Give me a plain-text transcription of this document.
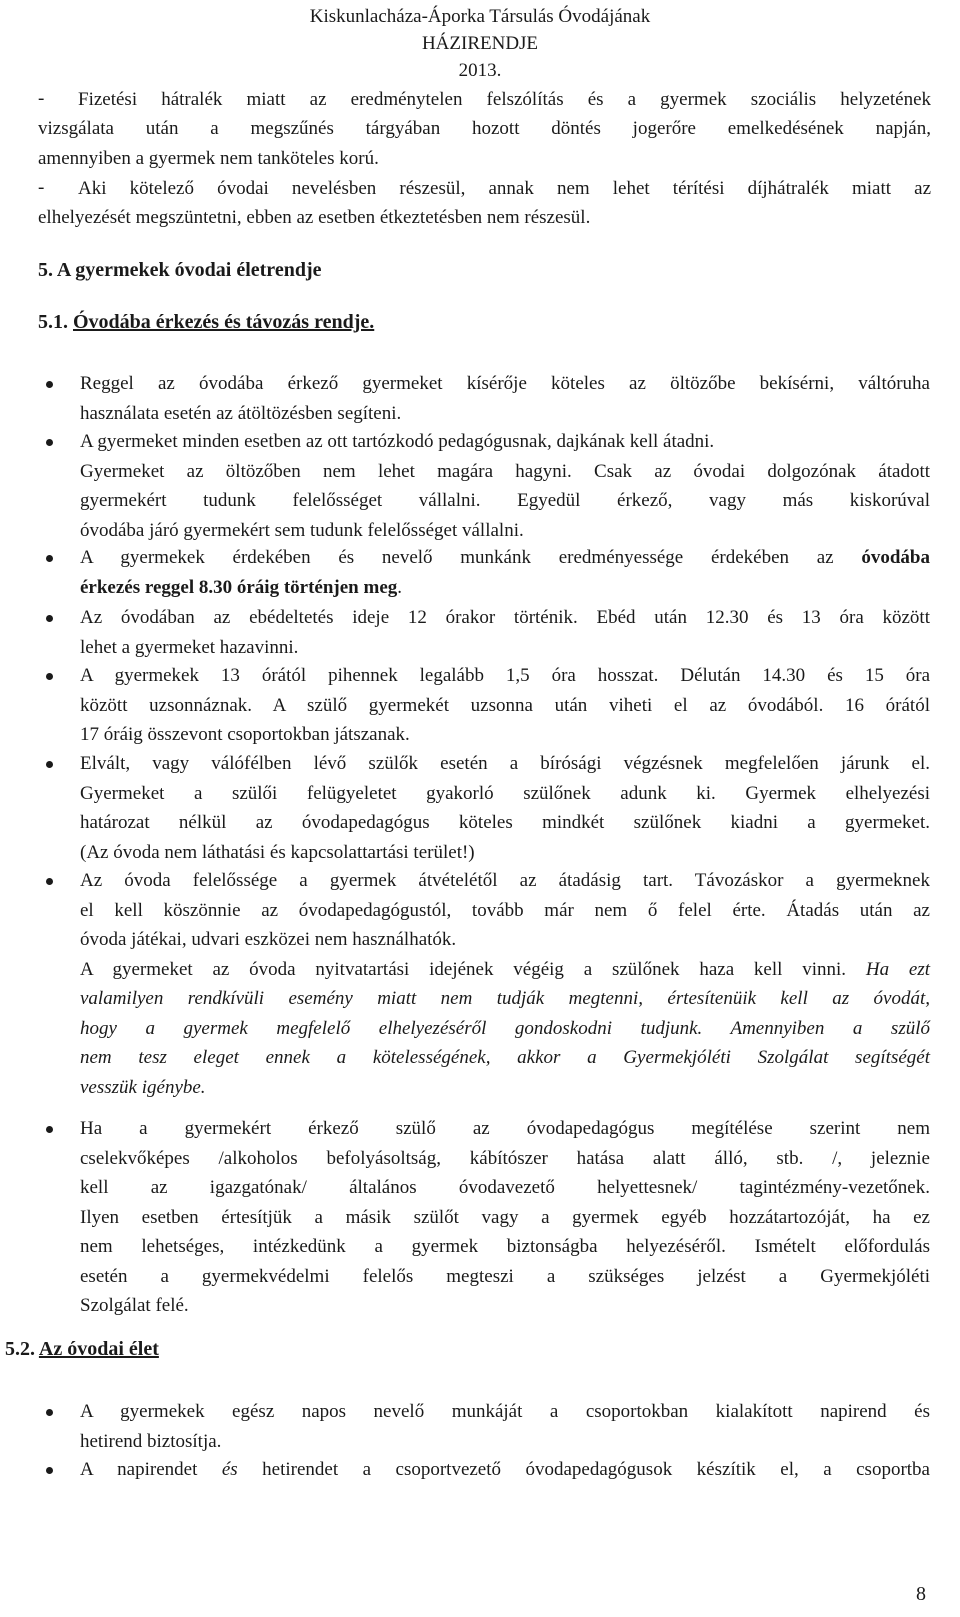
Kiskunlacháza-Áporka Társulás Óvodájának
HÁZIRENDJE
2013.
- Fizetési hátralék miatt az eredménytelen felszólítás és a gyermek szociális helyzetének
vizsgálata után a megszűnés tárgyában hozott döntés jogerőre emelkedésének napján,
amennyiben a gyermek nem tanköteles korú.
- Aki kötelező óvodai nevelésben részesül, annak nem lehet térítési díjhátralék miatt az
elhelyezését megszüntetni, ebben az esetben étkeztetésben nem részesül.
5. A gyermekek óvodai életrendje
5.1. Óvodába érkezés és távozás rendje.
Reggel az óvodába érkező gyermeket kísérője köteles az öltözőbe bekísérni, váltóruha
használata esetén az átöltözésben segíteni.
A gyermeket minden esetben az ott tartózkodó pedagógusnak, dajkának kell átadni.
Gyermeket az öltözőben nem lehet magára hagyni. Csak az óvodai dolgozónak átadott
gyermekért tudunk felelősséget vállalni. Egyedül érkező, vagy más kiskorúval
óvodába járó gyermekért sem tudunk felelősséget vállalni.
A gyermekek érdekében és nevelő munkánk eredményessége érdekében az óvodába
érkezés reggel 8.30 óráig történjen meg.
Az óvodában az ebédeltetés ideje 12 órakor történik. Ebéd után 12.30 és 13 óra között
lehet a gyermeket hazavinni.
A gyermekek 13 órától pihennek legalább 1,5 óra hosszat. Délután 14.30 és 15 óra
között uzsonnáznak. A szülő gyermekét uzsonna után viheti el az óvodából. 16 órától
17 óráig összevont csoportokban játszanak.
Elvált, vagy válófélben lévő szülők esetén a bírósági végzésnek megfelelően járunk el.
Gyermeket a szülői felügyeletet gyakorló szülőnek adunk ki. Gyermek elhelyezési
határozat nélkül az óvodapedagógus köteles mindkét szülőnek kiadni a gyermeket.
(Az óvoda nem láthatási és kapcsolattartási terület!)
Az óvoda felelőssége a gyermek átvételétől az átadásig tart. Távozáskor a gyermeknek
el kell köszönnie az óvodapedagógustól, tovább már nem ő felel érte. Átadás után az
óvoda játékai, udvari eszközei nem használhatók.
A gyermeket az óvoda nyitvatartási idejének végéig a szülőnek haza kell vinni. Ha ezt
valamilyen rendkívüli esemény miatt nem tudják megtenni, értesítenüik kell az óvodát,
hogy a gyermek megfelelő elhelyezéséről gondoskodni tudjunk. Amennyiben a szülő
nem tesz eleget ennek a kötelességének, akkor a Gyermekjóléti Szolgálat segítségét
vesszük igénybe.
Ha a gyermekért érkező szülő az óvodapedagógus megítélése szerint nem
cselekvőképes /alkoholos befolyásoltság, kábítószer hatása alatt álló, stb. /, jeleznie
kell az igazgatónak/ általános óvodavezető helyettesnek/ tagintézmény-vezetőnek.
Ilyen esetben értesítjük a másik szülőt vagy a gyermek egyéb hozzátartozóját, ha ez
nem lehetséges, intézkedünk a gyermek biztonságba helyezéséről. Ismételt előfordulás
esetén a gyermekvédelmi felelős megteszi a szükséges jelzést a Gyermekjóléti
Szolgálat felé.
5.2. Az óvodai élet
A gyermekek egész napos nevelő munkáját a csoportokban kialakított napirend és
hetirend biztosítja.
A napirendet és hetirendet a csoportvezető óvodapedagógusok készítik el, a csoportba
8
